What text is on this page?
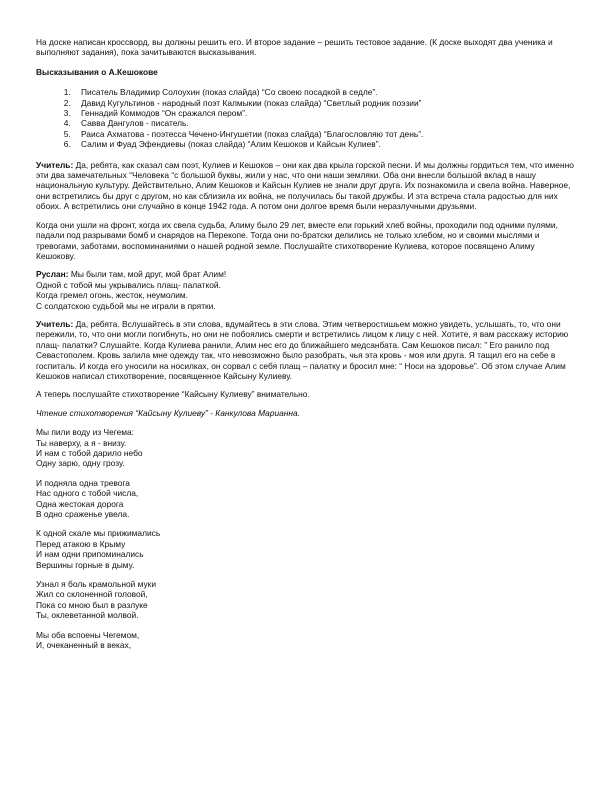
На доске написан кроссворд, вы должны решить его. И второе задание – решить тестовое задание. (К доске выходят два ученика и выполняют задания), пока зачитываются высказывания.

Высказывания о А.Кешокове

1. Писатель Владимир Солоухин (показ слайда) “Со своею посадкой в седле”.
2. Давид Кугультинов - народный поэт Калмыкии (показ слайда) “Светлый родник поэзии”
3. Геннадий Коммодов “Он сражался пером”.
4. Савва Дангулов - писатель.
5. Раиса Ахматова - поэтесса Чечено-Ингушетии (показ слайда) “Благословляю тот день”.
6. Салим и Фуад Эфендиевы (показ слайда) “Алим Кешоков и Кайсын Кулиев”.

Учитель: Да, ребята, как сказал сам поэт, Кулиев и Кешоков – они как два крыла горской песни. И мы должны гордиться тем, что именно эти два замечательных “Человека “с большой буквы, жили у нас, что они наши земляки. Оба они внесли большой вклад в нашу национальную культуру. Действительно, Алим Кешоков и Кайсын Кулиев не знали друг друга. Их познакомила и свела война. Наверное, они встретились бы друг с другом, но как сблизила их война, не получилась бы такой дружбы. И эта встреча стала радостью для них обоих. А встретились они случайно в конце 1942 года. А потом они долгое время были неразлучными друзьями.

Когда они ушли на фронт, когда их свела судьба, Алиму было 29 лет, вместе ели горький хлеб войны, проходили под одними пулями, падали под разрывами бомб и снарядов на Перекопе. Тогда они по-братски делились не только хлебом, но и своими мыслями и тревогами, заботами, воспоминаниями о нашей родной земле. Послушайте стихотворение Кулиева, которое посвящено Алиму Кешокову.

Руслан: Мы были там, мой друг, мой брат Алим!
Одной с тобой мы укрывались плащ- палаткой.
Когда гремел огонь, жесток, неумолим.
С солдатскою судьбой мы не играли в прятки.

Учитель: Да, ребята. Вслушайтесь в эти слова, вдумайтесь в эти слова. Этим четверостишьем можно увидеть, услышать, то, что они пережили, то, что они могли погибнуть, но они не побоялись смерти и встретились лицом к лицу с ней. Хотите, я вам расскажу историю плащ- палатки? Слушайте. Когда Кулиева ранили, Алим нес его до ближайшего медсанбата. Сам Кешоков писал: ” Его ранило под Севастополем. Кровь залила мне одежду так, что невозможно было разобрать, чья эта кровь - моя или друга. Я тащил его на себе в госпиталь. И когда его уносили на носилках, он сорвал с себя плащ – палатку и бросил мне: “ Носи на здоровье”. Об этом случае Алим Кешоков написал стихотворение, посвященное Кайсыну Кулиеву.

А теперь послушайте стихотворение “Кайсыну Кулиеву” внимательно.

Чтение стихотворения “Кайсыну Кулиеву” - Канкулова Марианна.

Мы пили воду из Чегема:
Ты наверху, а я - внизу.
И нам с тобой дарило небо
Одну зарю, одну грозу.
И подняла одна тревога
Нас одного с тобой числа,
Одна жестокая дорога
В одно сраженье увела.
К одной скале мы прижимались
Перед атакою в Крыму
И нам одни припоминались
Вершины горные в дыму.
Узнал я боль крамольной муки
Жил со склоненной головой,
Пока со мною был в разлуке
Ты, оклеветанной молвой.
Мы оба вспоены Чегемом,
И, очеканенный в веках,
